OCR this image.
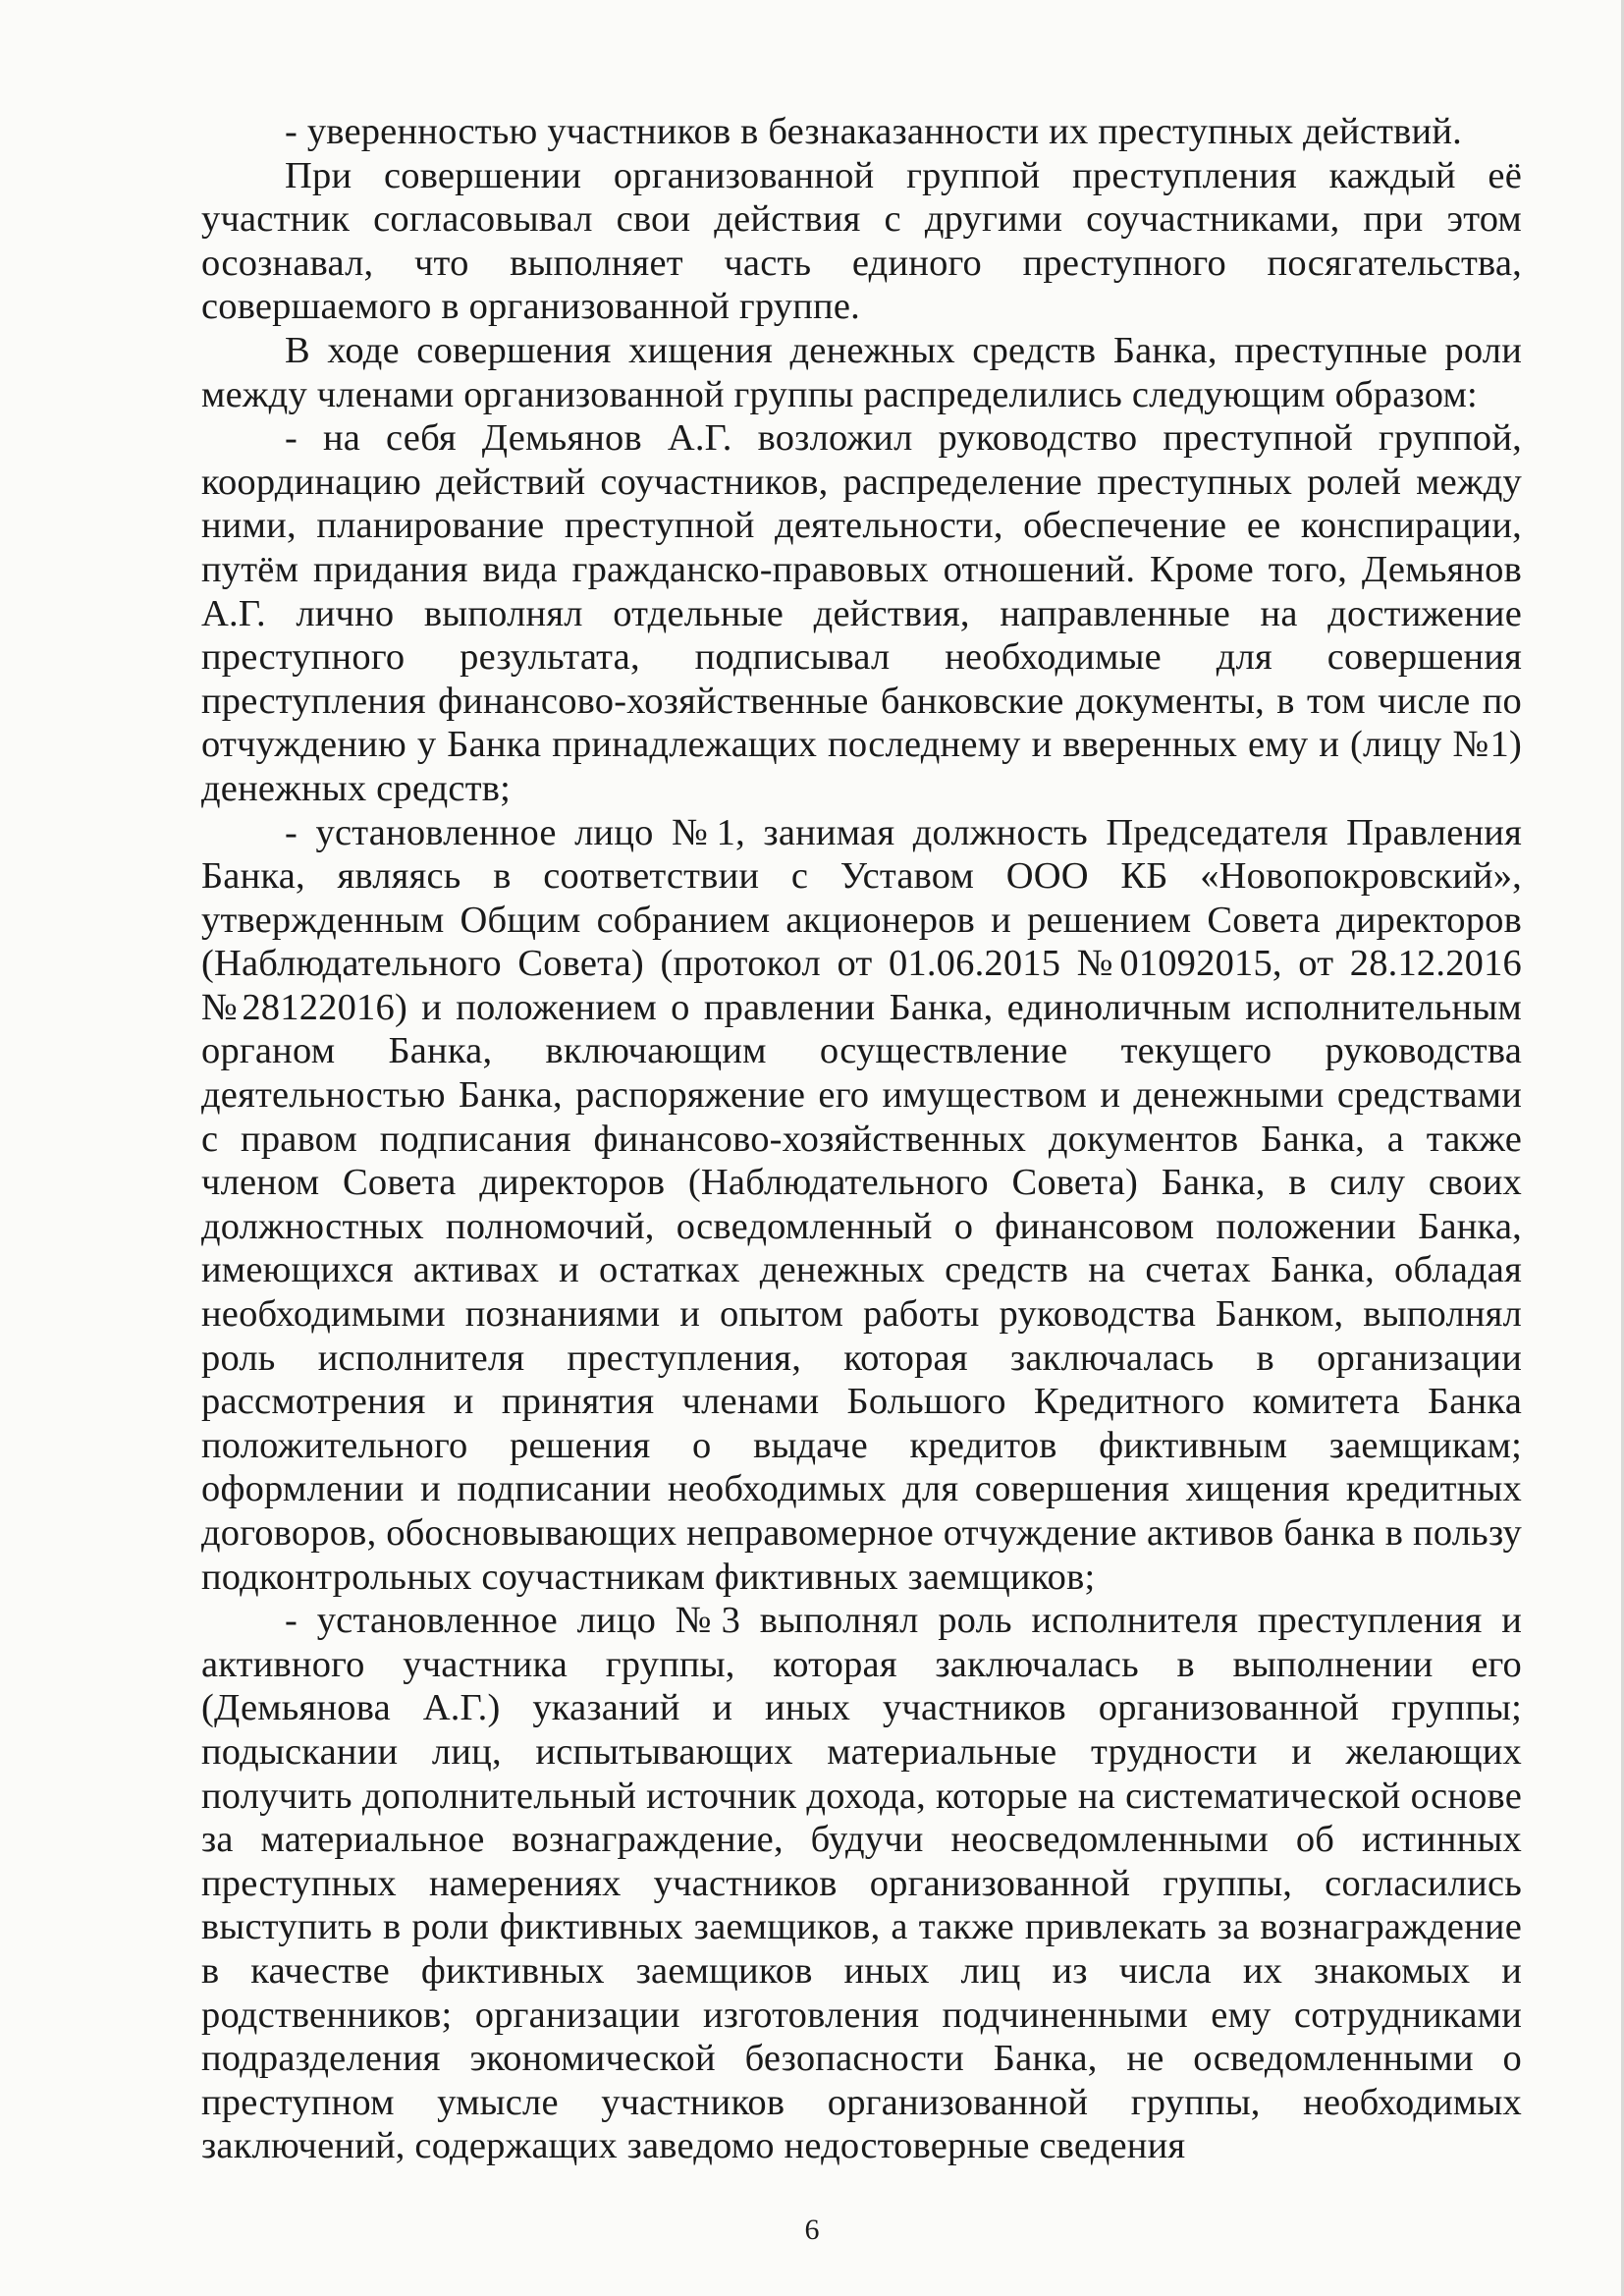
- уверенностью участников в безнаказанности их преступных действий.

При совершении организованной группой преступления каждый её участник согласовывал свои действия с другими соучастниками, при этом осознавал, что выполняет часть единого преступного посягательства, совершаемого в организованной группе.

В ходе совершения хищения денежных средств Банка, преступные роли между членами организованной группы распределились следующим образом:

- на себя Демьянов А.Г. возложил руководство преступной группой, координацию действий соучастников, распределение преступных ролей между ними, планирование преступной деятельности, обеспечение ее конспирации, путём придания вида гражданско-правовых отношений. Кроме того, Демьянов А.Г. лично выполнял отдельные действия, направленные на достижение преступного результата, подписывал необходимые для совершения преступления финансово-хозяйственные банковские документы, в том числе по отчуждению у Банка принадлежащих последнему и вверенных ему и (лицу №1) денежных средств;

- установленное лицо №1, занимая должность Председателя Правления Банка, являясь в соответствии с Уставом ООО КБ «Новопокровский», утвержденным Общим собранием акционеров и решением Совета директоров (Наблюдательного Совета) (протокол от 01.06.2015 №01092015, от 28.12.2016 №28122016) и положением о правлении Банка, единоличным исполнительным органом Банка, включающим осуществление текущего руководства деятельностью Банка, распоряжение его имуществом и денежными средствами с правом подписания финансово-хозяйственных документов Банка, а также членом Совета директоров (Наблюдательного Совета) Банка, в силу своих должностных полномочий, осведомленный о финансовом положении Банка, имеющихся активах и остатках денежных средств на счетах Банка, обладая необходимыми познаниями и опытом работы руководства Банком, выполнял роль исполнителя преступления, которая заключалась в организации рассмотрения и принятия членами Большого Кредитного комитета Банка положительного решения о выдаче кредитов фиктивным заемщикам; оформлении и подписании необходимых для совершения хищения кредитных договоров, обосновывающих неправомерное отчуждение активов банка в пользу подконтрольных соучастникам фиктивных заемщиков;

- установленное лицо №3 выполнял роль исполнителя преступления и активного участника группы, которая заключалась в выполнении его (Демьянова А.Г.) указаний и иных участников организованной группы; подыскании лиц, испытывающих материальные трудности и желающих получить дополнительный источник дохода, которые на систематической основе за материальное вознаграждение, будучи неосведомленными об истинных преступных намерениях участников организованной группы, согласились выступить в роли фиктивных заемщиков, а также привлекать за вознаграждение в качестве фиктивных заемщиков иных лиц из числа их знакомых и родственников; организации изготовления подчиненными ему сотрудниками подразделения экономической безопасности Банка, не осведомленными о преступном умысле участников организованной группы, необходимых заключений, содержащих заведомо недостоверные сведения

6
